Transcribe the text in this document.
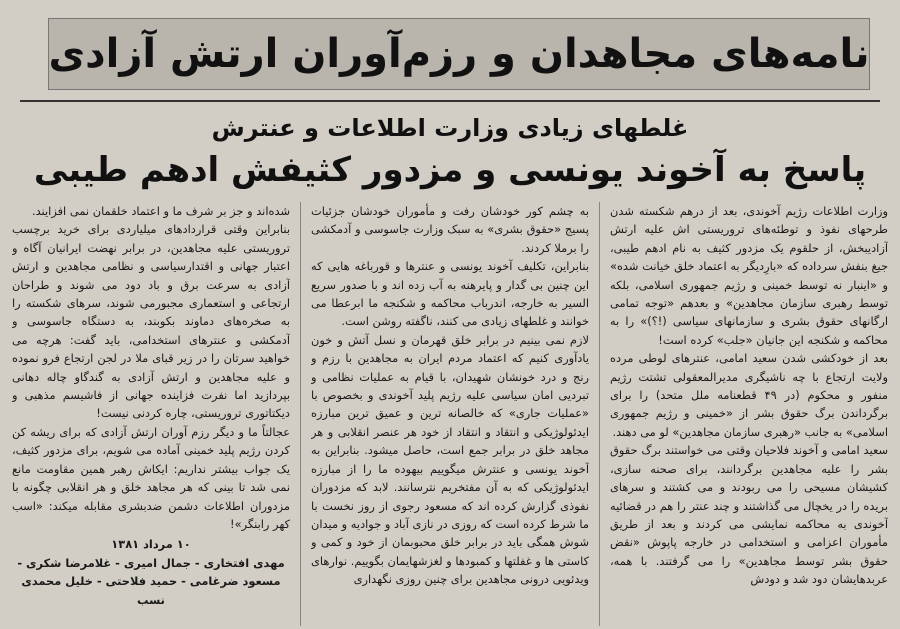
نامه‌های مجاهدان و رزم‌آوران ارتش آزادی
غلطهای زیادی وزارت اطلاعات و عنترش
پاسخ به آخوند یونسی و مزدور کثیفش ادهم طیبی

وزارت اطلاعات رژیم آخوندی، بعد از درهم شکسته شدن طرحهای نفوذ و توطئه‌های تروریستی اش علیه ارتش آزادیبخش، از حلقوم یک مزدور کثیف به نام ادهم طیبی، جیغ بنفش سرداده که «بارِدیگر به اعتماد خلق خیانت شده» و «اینبار نه توسط خمینی و رژیم جمهوری اسلامی، بلکه توسط رهبری سازمان مجاهدین» و بعدهم «توجه تمامی ارگانهای حقوق بشری و سازمانهای سیاسی (!؟)» را به محاکمه و شکنجه این جانیان «جلب» کرده است!

بعد از خودکشی شدن سعید امامی، عنترهای لوطی مرده ولایت ارتجاع با چه ناشیگری مدیرالمعقولی تشتت رژیم منفور و محکوم (در ۴۹ قطعنامه ملل متحد) را برای برگرداندن برگ حقوق بشر از «خمینی و رژیم جمهوری اسلامی» به جانب «رهبری سازمان مجاهدین» لو می دهند.

سعید امامی و آخوند فلاحیان وقتی می خواستند برگ حقوق بشر را علیه مجاهدین برگردانند، برای صحنه سازی، کشیشان مسیحی را می ربودند و می کشتند و سرهای بریده را در یخچال می گذاشتند و چند عنتر را هم در قضائیه آخوندی به محاکمه نمایشی می کردند و بعد از طریق مأموران اعزامی و استخدامی در خارجه پاپوش «نقض حقوق بشر توسط مجاهدین» را می گرفتند. با همه، عربدهایشان دود شد و دودش

به چشم کور خودشان رفت و مأموران خودشان جزئیات پسیج «حقوق بشری» به سبک وزارت جاسوسی و آدمکشی را برملا کردند.

بنابراین، تکلیف آخوند یونسی و عنترها و قورباغه هایی که این چنین بی گدار و پایرهنه به آب زده اند و با صدور سریع السیر به خارجه، اندرباب محاکمه و شکنجه ما ابرعطا می خوانند و غلطهای زیادی می کنند، ناگفته روشن است.

لازم نمی بینیم در برابر خلق قهرمان و نسل آتش و خون یادآوری کنیم که اعتماد مردم ایران به مجاهدین با رزم و رنج و درد خونشان شهیدان، با قیام به عملیات نظامی و تبردیی امان سیاسی علیه رژیم پلید آخوندی و بخصوص با «عملیات جاری» که خالصانه ترین و عمیق ترین مبارزه ایدئولوژیکی و انتقاد و انتقاد از خود هر عنصر انقلابی و هر مجاهد خلق در برابر جمع است، حاصل میشود. بنابراین به آخوند یونسی و عنترش میگوییم بیهوده ما را از مبارزه ایدئولوژیکی که به آن مفتخریم نترسانند. لابد که مزدوران نفوذی گزارش کرده اند که مسعود رجوی از روز نخست با ما شرط کرده است که روزی در نازی آباد و جوادیه و میدان شوش همگی باید در برابر خلق محبوبمان از خود و کمی و کاستی ها و غفلتها و کمبودها و لغزشهایمان بگوییم. نوارهای ویدئویی درونی مجاهدین برای چنین روزی نگهداری

شده‌اند و جز بر شرف ما و اعتماد خلقمان نمی افزایند.

بنابراین وقتی قراردادهای میلیاردی برای خرید برچسب تروریستی علیه مجاهدین، در برابر نهضت ایرانیان آگاه و اعتبار جهانی و اقتدارسیاسی و نظامی مجاهدین و ارتش آزادی به سرعت برق و باد دود می شوند و طراحان ارتجاعی و استعماری مجبورمی شوند، سرهای شکسته را به صخره‌های دماوند بکوبند، به دستگاه جاسوسی و آدمکشی و عنترهای استخدامی، باید گفت: هرچه می خواهید سرتان را در زیر قبای ملا در لجن ارتجاع فرو نموده و علیه مجاهدین و ارتش آزادی به گندگاو چاله دهانی بپردازید اما نفرت فزاینده جهانی از فاشیسم مذهبی و دیکتاتوری تروریستی، چاره کردنی نیست!

عجالتاً ما و دیگر رزم آوران ارتش آزادی که برای ریشه کن کردن رژیم پلید خمینی آماده می شویم، برای مزدور کثیف، یک جواب بیشتر نداریم: ایکاش رهبر همین مقاومت مانع نمی شد تا بینی که هر مجاهد خلق و هر انقلابی چگونه با مزدوران اطلاعات دشمن ضدبشری مقابله میکند: «اسب کهر رابنگر»!

۱۰ مرداد ۱۳۸۱
مهدی افتخاری - جمال امیری - غلامرضا شکری -
مسعود ضرغامی - حمید فلاحتی - خلیل محمدی نسب
